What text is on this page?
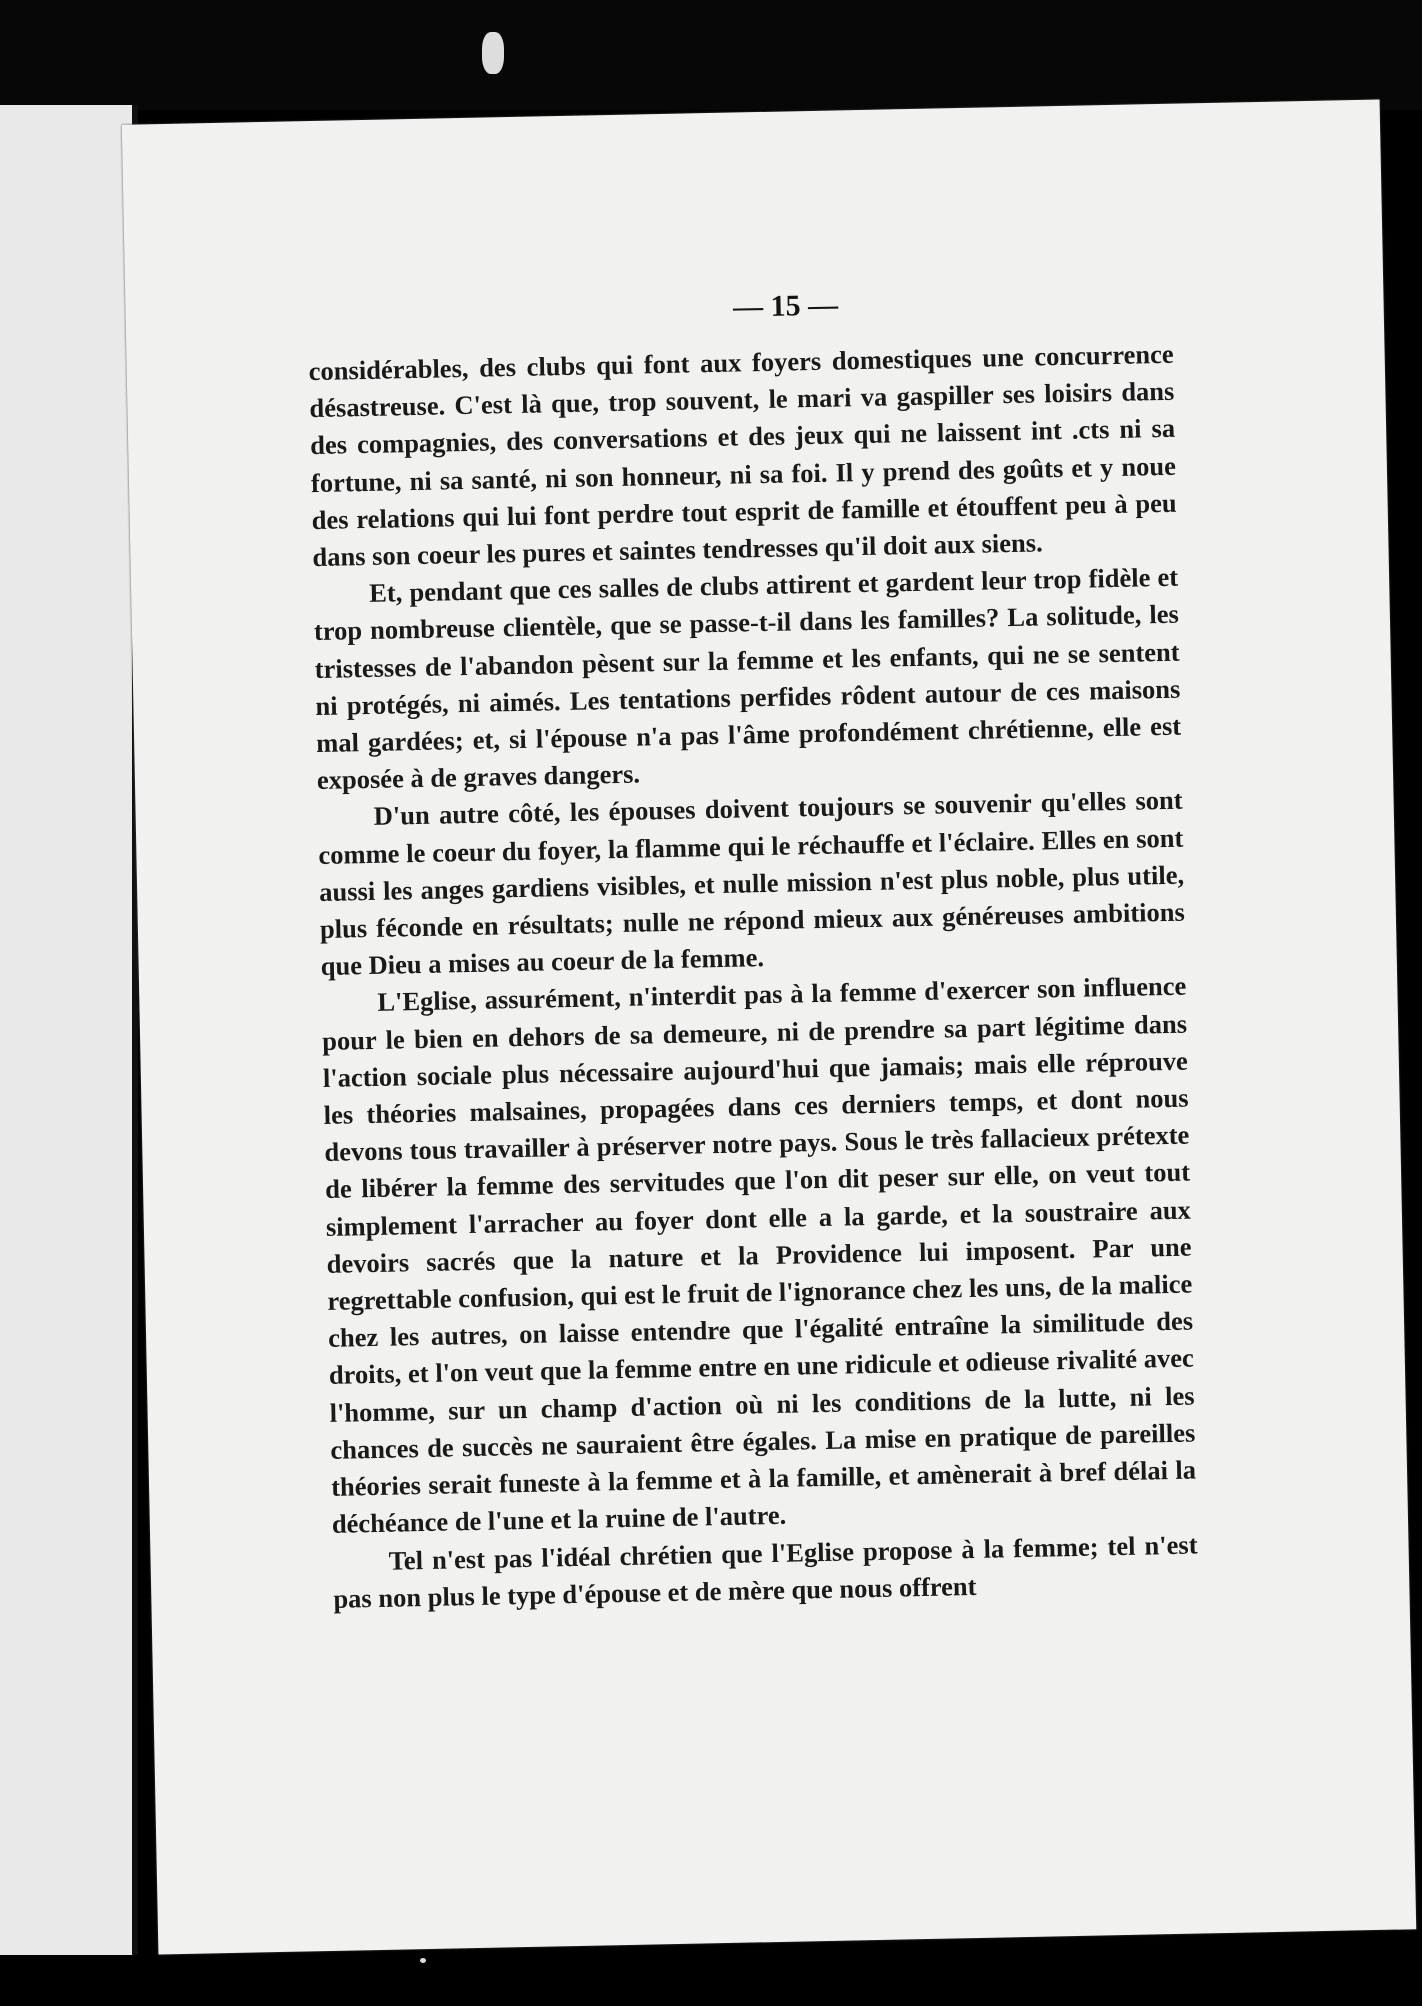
— 15 —

considérables, des clubs qui font aux foyers domestiques une concurrence désastreuse. C'est là que, trop souvent, le mari va gaspiller ses loisirs dans des compagnies, des conversations et des jeux qui ne laissent int .cts ni sa fortune, ni sa santé, ni son honneur, ni sa foi. Il y prend des goûts et y noue des relations qui lui font perdre tout esprit de famille et étouffent peu à peu dans son coeur les pures et saintes tendresses qu'il doit aux siens.

Et, pendant que ces salles de clubs attirent et gardent leur trop fidèle et trop nombreuse clientèle, que se passe-t-il dans les familles? La solitude, les tristesses de l'abandon pèsent sur la femme et les enfants, qui ne se sentent ni protégés, ni aimés. Les tentations perfides rôdent autour de ces maisons mal gardées; et, si l'épouse n'a pas l'âme profondément chrétienne, elle est exposée à de graves dangers.

D'un autre côté, les épouses doivent toujours se souvenir qu'elles sont comme le coeur du foyer, la flamme qui le réchauffe et l'éclaire. Elles en sont aussi les anges gardiens visibles, et nulle mission n'est plus noble, plus utile, plus féconde en résultats; nulle ne répond mieux aux généreuses ambitions que Dieu a mises au coeur de la femme.

L'Eglise, assurément, n'interdit pas à la femme d'exercer son influence pour le bien en dehors de sa demeure, ni de prendre sa part légitime dans l'action sociale plus nécessaire aujourd'hui que jamais; mais elle réprouve les théories malsaines, propagées dans ces derniers temps, et dont nous devons tous travailler à préserver notre pays. Sous le très fallacieux prétexte de libérer la femme des servitudes que l'on dit peser sur elle, on veut tout simplement l'arracher au foyer dont elle a la garde, et la soustraire aux devoirs sacrés que la nature et la Providence lui imposent. Par une regrettable confusion, qui est le fruit de l'ignorance chez les uns, de la malice chez les autres, on laisse entendre que l'égalité entraîne la similitude des droits, et l'on veut que la femme entre en une ridicule et odieuse rivalité avec l'homme, sur un champ d'action où ni les conditions de la lutte, ni les chances de succès ne sauraient être égales. La mise en pratique de pareilles théories serait funeste à la femme et à la famille, et amènerait à bref délai la déchéance de l'une et la ruine de l'autre.

Tel n'est pas l'idéal chrétien que l'Eglise propose à la femme; tel n'est pas non plus le type d'épouse et de mère que nous offrent
